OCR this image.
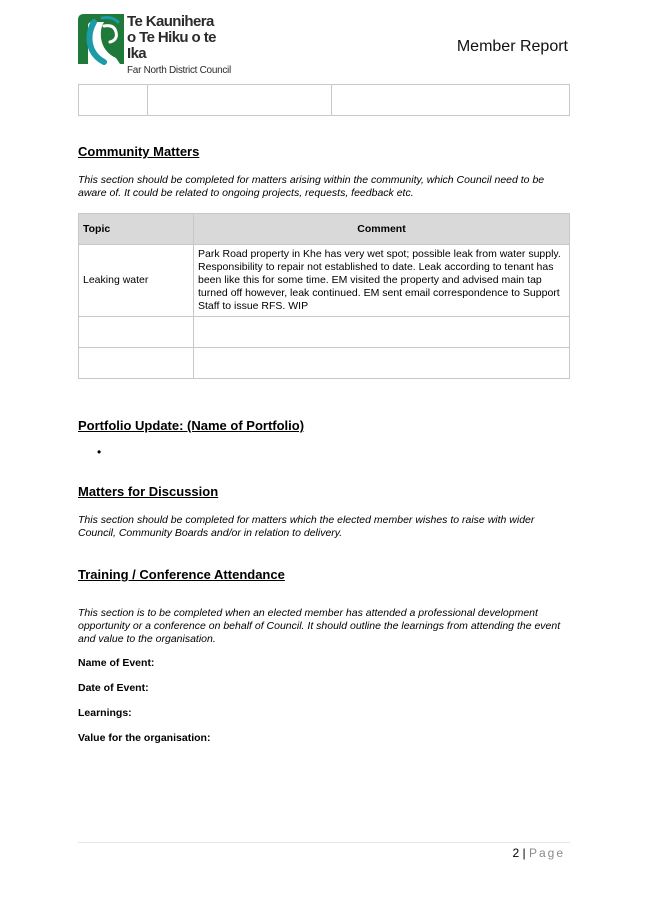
Te Kaunihera
o Te Hiku o te Ika
Far North District Council
Member Report

Community Matters
This section should be completed for matters arising within the community, which Council need to be aware of. It could be related to ongoing projects, requests, feedback etc.
Topic	Comment
Leaking water	Park Road property in Khe has very wet spot; possible leak from water supply. Responsibility to repair not established to date. Leak according to tenant has been like this for some time. EM visited the property and advised main tap turned off however, leak continued. EM sent email correspondence to Support Staff to issue RFS. WIP

Portfolio Update: (Name of Portfolio)
•
Matters for Discussion
This section should be completed for matters which the elected member wishes to raise with wider Council, Community Boards and/or in relation to delivery.
Training / Conference Attendance
This section is to be completed when an elected member has attended a professional development opportunity or a conference on behalf of Council. It should outline the learnings from attending the event and value to the organisation.
Name of Event:
Date of Event:
Learnings:
Value for the organisation:
2 | Page
